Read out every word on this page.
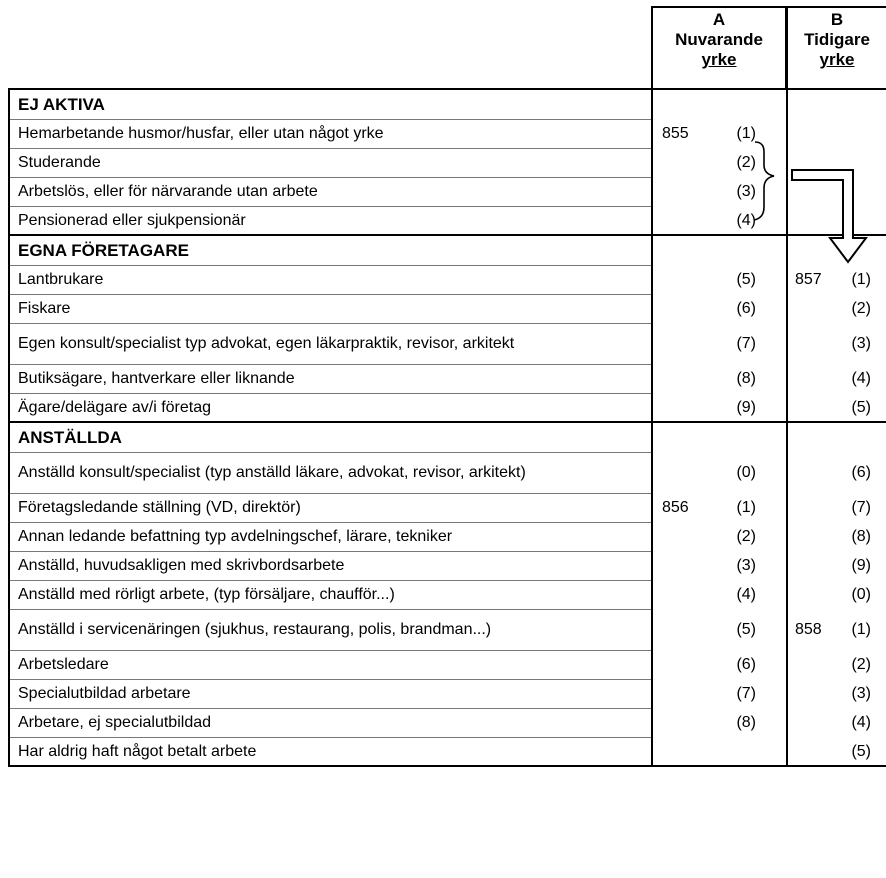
A
Nuvarande
yrke
B
Tidigare
yrke
EJ AKTIVA		
Hemarbetande husmor/husfar, eller utan något yrke	855 (1)	
Studerande	(2)	
Arbetslös, eller för närvarande utan arbete	(3)	
Pensionerad eller sjukpensionär	(4)	
EGNA FÖRETAGARE		
Lantbrukare	(5)	857 (1)
Fiskare	(6)	(2)
Egen konsult/specialist typ advokat, egen läkarpraktik, revisor, arkitekt	(7)	(3)
Butiksägare, hantverkare eller liknande	(8)	(4)
Ägare/delägare av/i företag	(9)	(5)
ANSTÄLLDA		
Anställd konsult/specialist (typ anställd läkare, advokat, revisor, arkitekt)	(0)	(6)
Företagsledande ställning (VD, direktör)	856 (1)	(7)
Annan ledande befattning typ avdelningschef, lärare, tekniker	(2)	(8)
Anställd, huvudsakligen med skrivbordsarbete	(3)	(9)
Anställd med rörligt arbete, (typ försäljare, chaufför...)	(4)	(0)
Anställd i servicenäringen (sjukhus, restaurang, polis, brandman...)	(5)	858 (1)
Arbetsledare	(6)	(2)
Specialutbildad arbetare	(7)	(3)
Arbetare, ej specialutbildad	(8)	(4)
Har aldrig haft något betalt arbete		(5)
